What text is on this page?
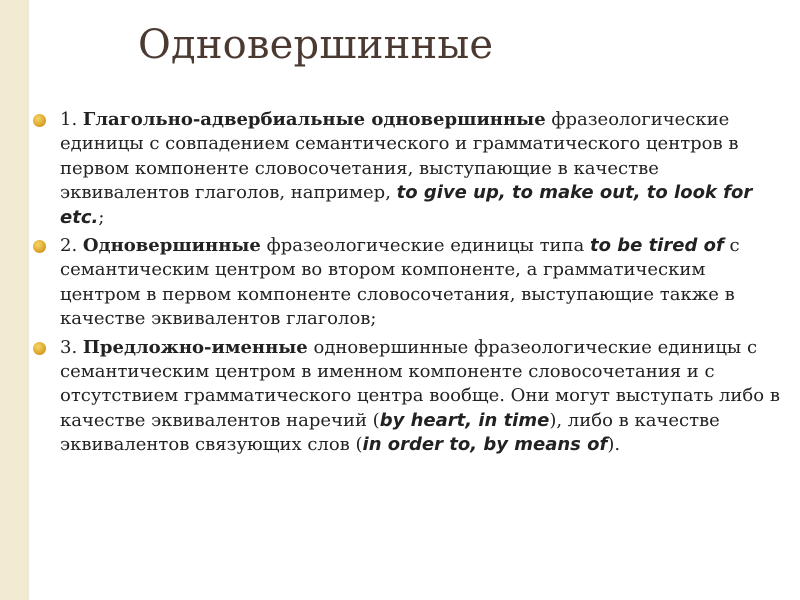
Одновершинные
1. Глагольно-адвербиальные одновершинные фразеологические единицы с совпадением семантического и грамматического центров в первом компоненте словосочетания, выступающие в качестве эквивалентов глаголов, например, to give up, to make out, to look for etc.;
2. Одновершинные фразеологические единицы типа to be tired of с семантическим центром во втором компоненте, а грамматическим центром в первом компоненте словосочетания, выступающие также в качестве эквивалентов глаголов;
3. Предложно-именные одновершинные фразеологические единицы с семантическим центром в именном компоненте словосочетания и с отсутствием грамматического центра вообще. Они могут выступать либо в качестве эквивалентов наречий (by heart, in time), либо в качестве эквивалентов связующих слов (in order to, by means of).
